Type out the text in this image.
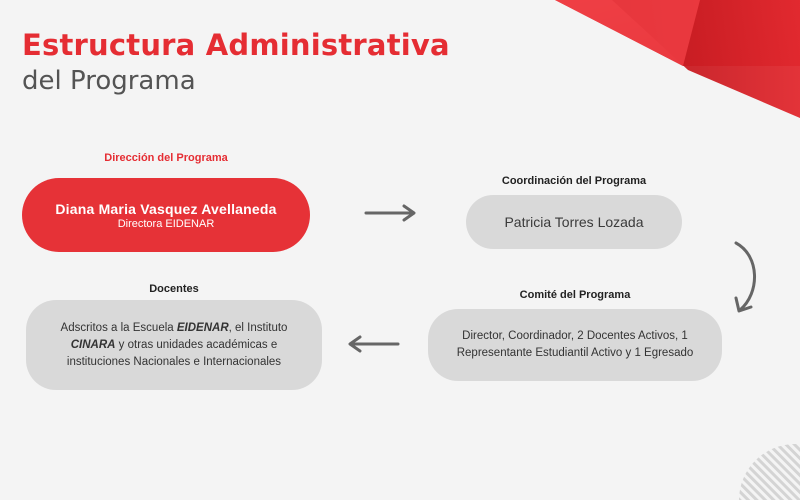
Estructura Administrativa
del Programa
Dirección del Programa
Diana Maria Vasquez Avellaneda
Directora EIDENAR
Coordinación del Programa
Patricia Torres Lozada
Comité del Programa
Director, Coordinador, 2 Docentes Activos, 1
Representante Estudiantil Activo y 1 Egresado
Docentes
Adscritos a la Escuela EIDENAR, el Instituto
CINARA y otras unidades académicas e
instituciones Nacionales e Internacionales
